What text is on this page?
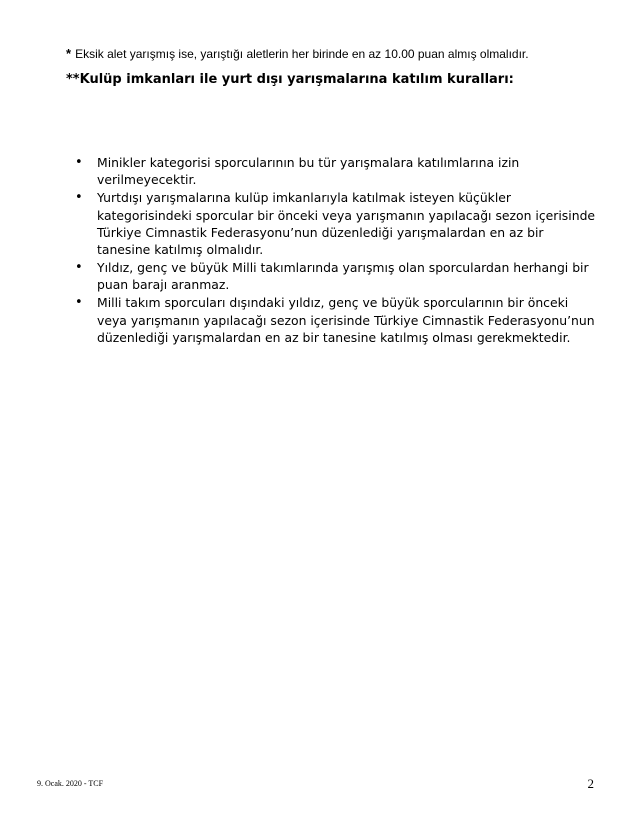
* Eksik alet yarışmış ise, yarıştığı aletlerin her birinde en az 10.00 puan almış olmalıdır.
**Kulüp imkanları ile yurt dışı yarışmalarına katılım kuralları:
• Minikler kategorisi sporcularının bu tür yarışmalara katılımlarına izin verilmeyecektir.
• Yurtdışı yarışmalarına kulüp imkanlarıyla katılmak isteyen küçükler kategorisindeki sporcular bir önceki veya yarışmanın yapılacağı sezon içerisinde Türkiye Cimnastik Federasyonu’nun düzenlediği yarışmalardan en az bir tanesine katılmış olmalıdır.
• Yıldız, genç ve büyük Milli takımlarında yarışmış olan sporculardan herhangi bir puan barajı aranmaz.
• Milli takım sporcuları dışındaki yıldız, genç ve büyük sporcularının bir önceki veya yarışmanın yapılacağı sezon içerisinde Türkiye Cimnastik Federasyonu’nun düzenlediği yarışmalardan en az bir tanesine katılmış olması gerekmektedir.
9. Ocak. 2020 - TCF	2
